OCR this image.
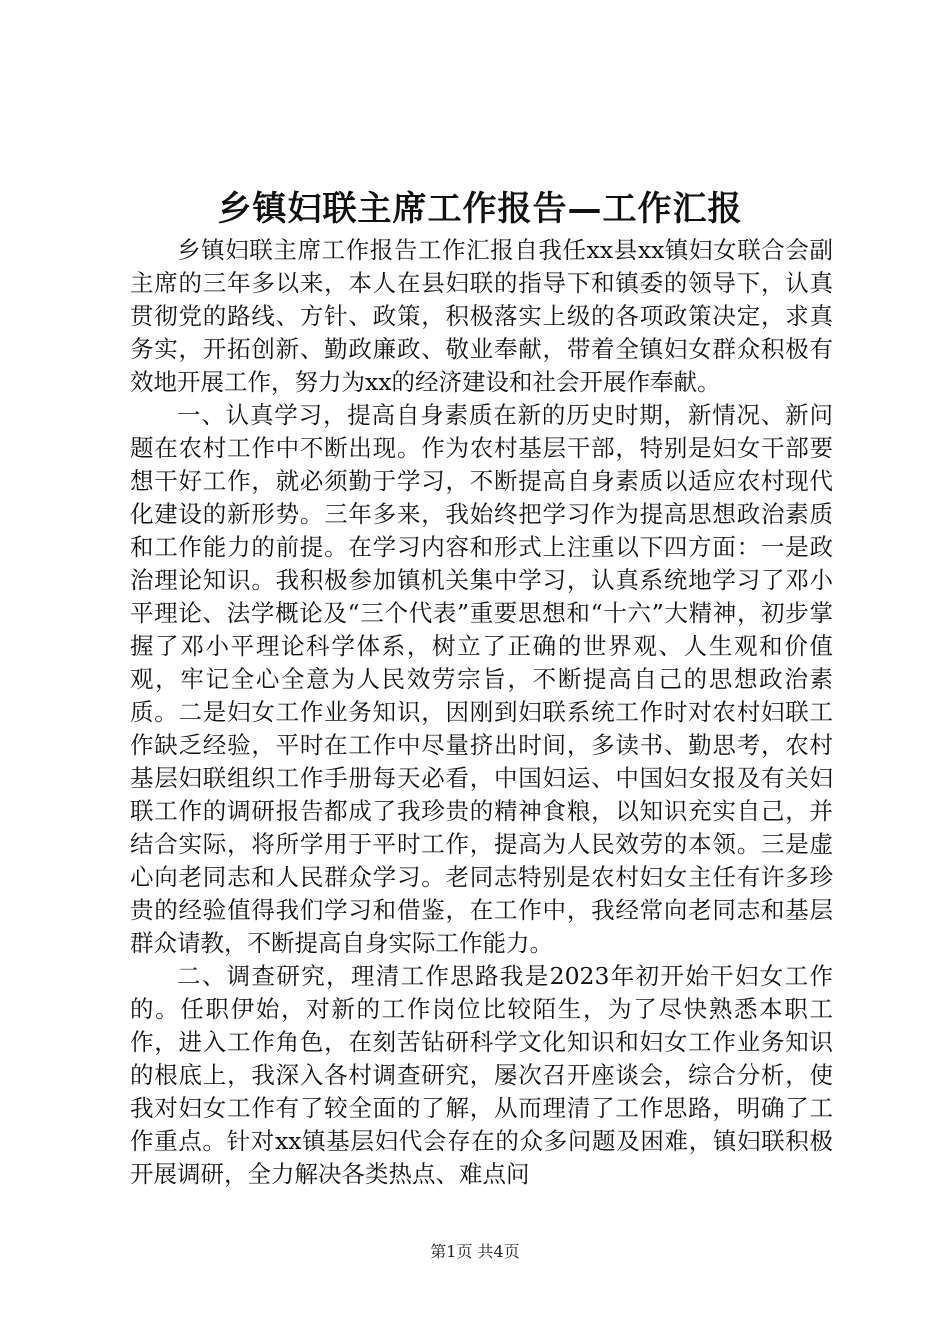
乡镇妇联主席工作报告—工作汇报

乡镇妇联主席工作报告工作汇报自我任xx县xx镇妇女联合会副主席的三年多以来，本人在县妇联的指导下和镇委的领导下，认真贯彻党的路线、方针、政策，积极落实上级的各项政策决定，求真务实，开拓创新、勤政廉政、敬业奉献，带着全镇妇女群众积极有效地开展工作，努力为xx的经济建设和社会开展作奉献。

一、认真学习，提高自身素质在新的历史时期，新情况、新问题在农村工作中不断出现。作为农村基层干部，特别是妇女干部要想干好工作，就必须勤于学习，不断提高自身素质以适应农村现代化建设的新形势。三年多来，我始终把学习作为提高思想政治素质和工作能力的前提。在学习内容和形式上注重以下四方面：一是政治理论知识。我积极参加镇机关集中学习，认真系统地学习了邓小平理论、法学概论及“三个代表”重要思想和“十六”大精神，初步掌握了邓小平理论科学体系，树立了正确的世界观、人生观和价值观，牢记全心全意为人民效劳宗旨，不断提高自己的思想政治素质。二是妇女工作业务知识，因刚到妇联系统工作时对农村妇联工作缺乏经验，平时在工作中尽量挤出时间，多读书、勤思考，农村基层妇联组织工作手册每天必看，中国妇运、中国妇女报及有关妇联工作的调研报告都成了我珍贵的精神食粮，以知识充实自己，并结合实际，将所学用于平时工作，提高为人民效劳的本领。三是虚心向老同志和人民群众学习。老同志特别是农村妇女主任有许多珍贵的经验值得我们学习和借鉴，在工作中，我经常向老同志和基层群众请教，不断提高自身实际工作能力。

二、调查研究，理清工作思路我是2023年初开始干妇女工作的。任职伊始，对新的工作岗位比较陌生，为了尽快熟悉本职工作，进入工作角色，在刻苦钻研科学文化知识和妇女工作业务知识的根底上，我深入各村调查研究，屡次召开座谈会，综合分析，使我对妇女工作有了较全面的了解，从而理清了工作思路，明确了工作重点。针对xx镇基层妇代会存在的众多问题及困难，镇妇联积极开展调研，全力解决各类热点、难点问

第1页 共4页
